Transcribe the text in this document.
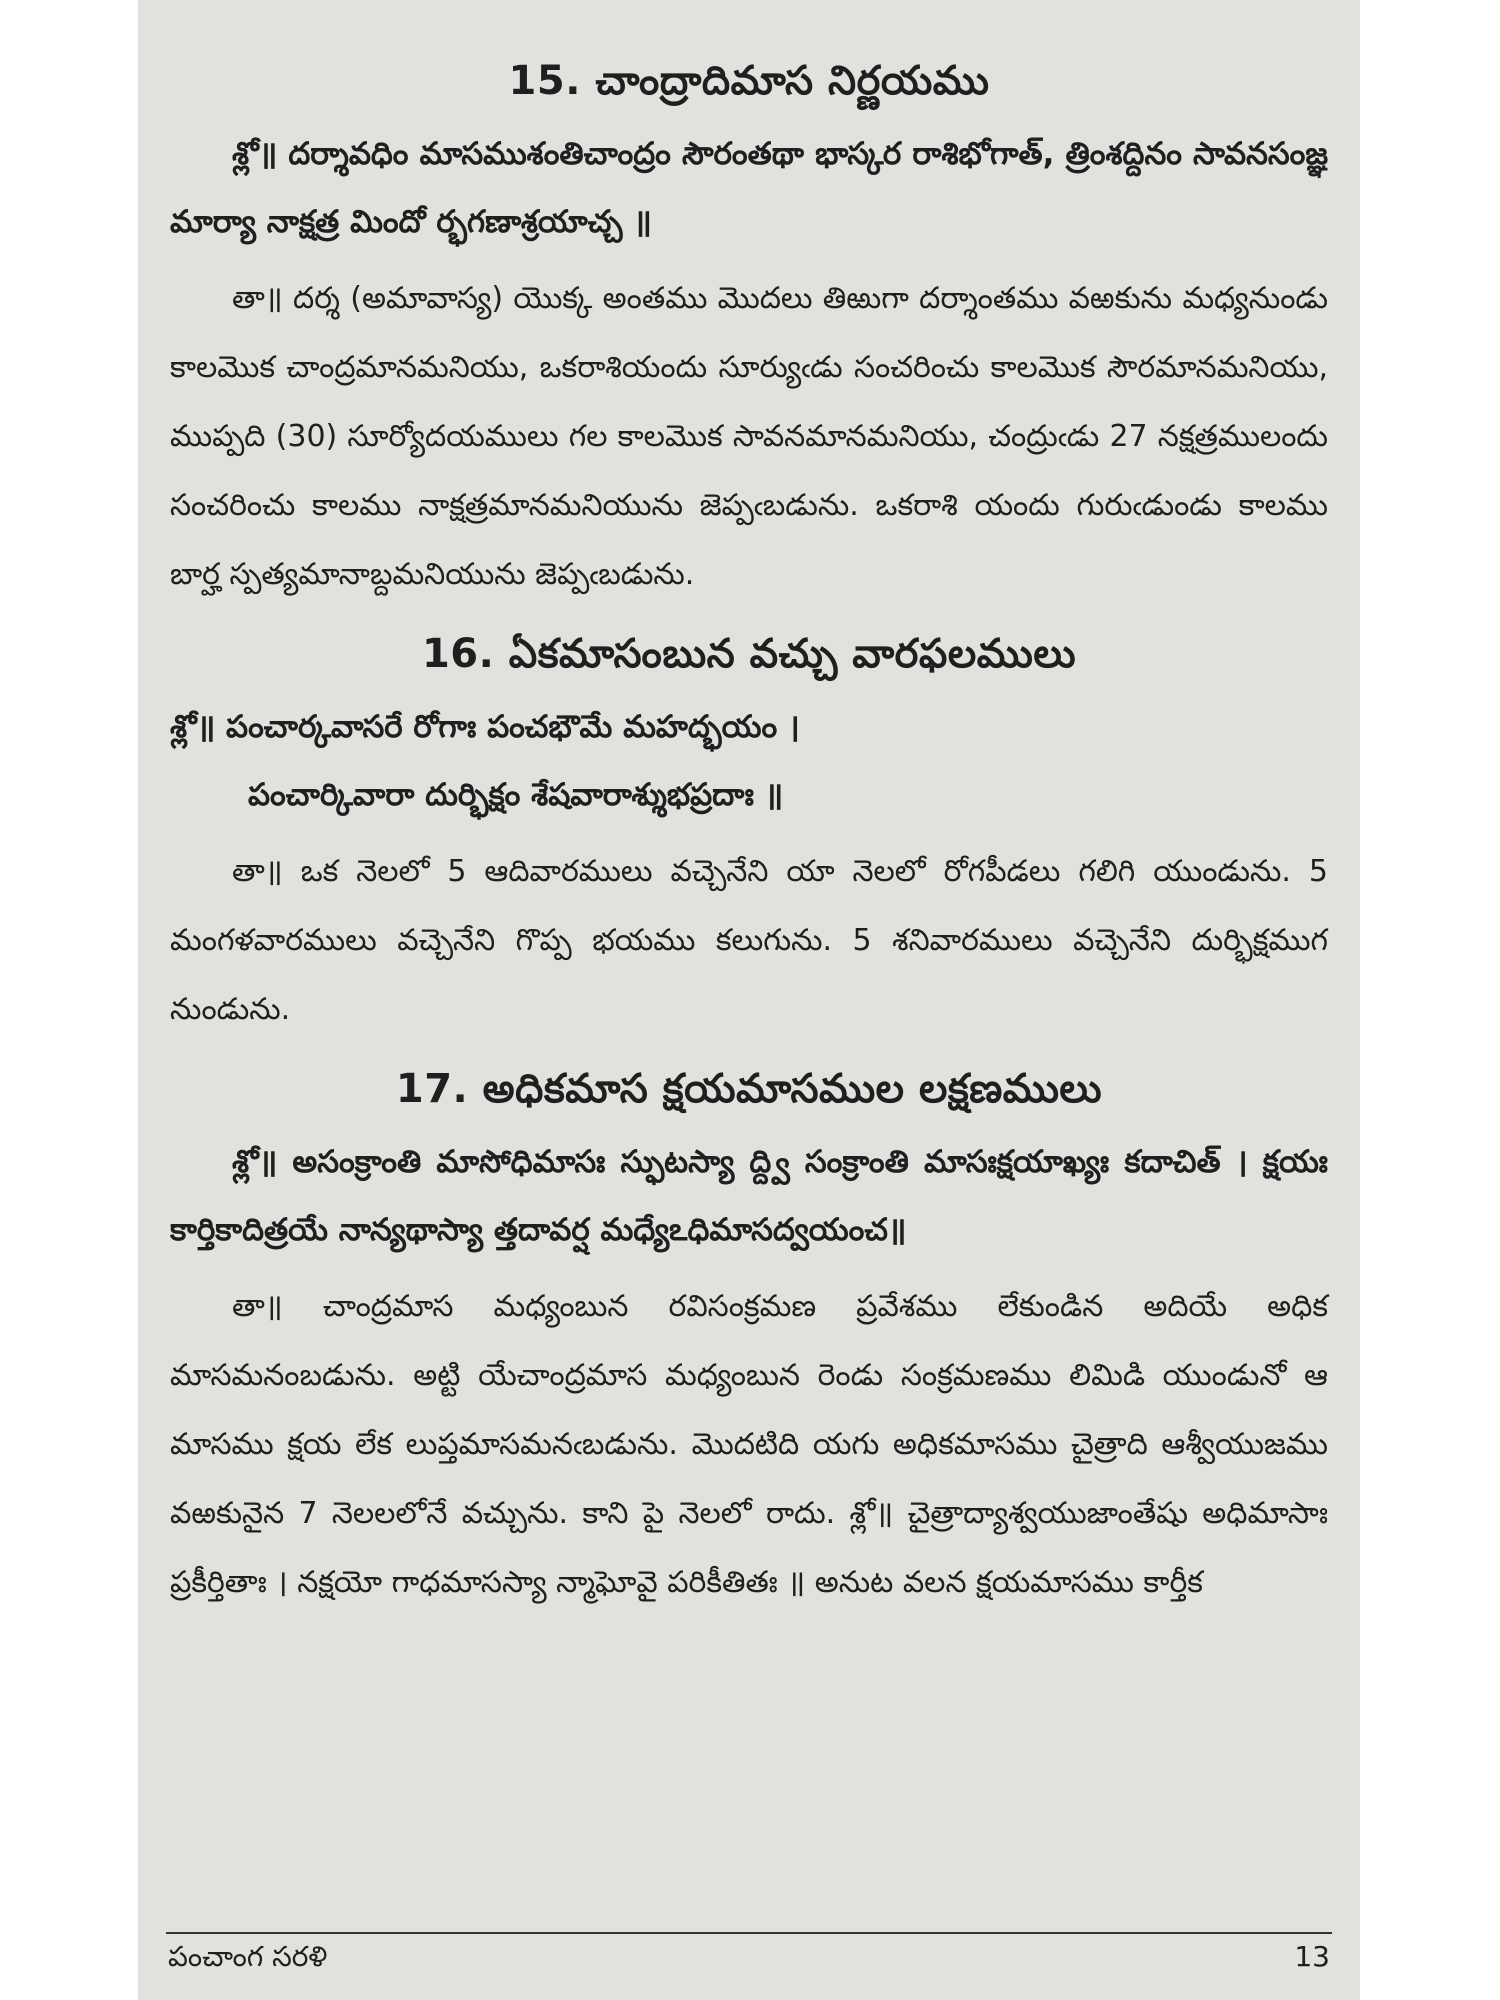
15. చాంద్రాదిమాస నిర్ణయము

శ్లో॥ దర్శావధిం మాసముశంతిచాంద్రం సౌరంతథా భాస్కర రాశిభోగాత్, త్రింశద్దినం సావనసంజ్ఞ మార్యా నాక్షత్ర మిందో ర్భగణాశ్రయాచ్చ ॥

తా॥ దర్శ (అమావాస్య) యొక్క అంతము మొదలు తిఱుగా దర్శాంతము వఱకును మధ్యనుండు కాలమొక చాంద్రమానమనియు, ఒకరాశియందు సూర్యుఁడు సంచరించు కాలమొక సౌరమానమనియు, ముప్పది (30) సూర్యోదయములు గల కాలమొక సావనమానమనియు, చంద్రుఁడు 27 నక్షత్రములందు సంచరించు కాలము నాక్షత్రమానమనియును జెప్పఁబడును. ఒకరాశి యందు గురుఁడుండు కాలము బార్హ స్పత్యమానాబ్దమనియును జెప్పఁబడును.

16. ఏకమాసంబున వచ్చు వారఫలములు

శ్లో॥ పంచార్కవాసరే రోగాః పంచభౌమే మహద్భయం ।

పంచార్కివారా దుర్భిక్షం శేషవారాశ్శుభప్రదాః ॥

తా॥ ఒక నెలలో 5 ఆదివారములు వచ్చెనేని యా నెలలో రోగపీడలు గలిగి యుండును. 5 మంగళవారములు వచ్చెనేని గొప్ప భయము కలుగును. 5 శనివారములు వచ్చెనేని దుర్భిక్షముగ నుండును.

17. అధికమాస క్షయమాసముల లక్షణములు

శ్లో॥ అసంక్రాంతి మాసోధిమాసః స్ఫుటస్యా ద్ద్వి సంక్రాంతి మాసఃక్షయాఖ్యః కదాచిత్ । క్షయః కార్తికాదిత్రయే నాన్యథాస్యా త్తదావర్ష మధ్యేఽధిమాసద్వయంచ॥

తా॥ చాంద్రమాస మధ్యంబున రవిసంక్రమణ ప్రవేశము లేకుండిన అదియే అధిక మాసమనంబడును. అట్టి యేచాంద్రమాస మధ్యంబున రెండు సంక్రమణము లిమిడి యుండునో ఆ మాసము క్షయ లేక లుప్తమాసమనఁబడును. మొదటిది యగు అధికమాసము చైత్రాది ఆశ్వీయుజము వఱకునైన 7 నెలలలోనే వచ్చును. కాని పై నెలలో రాదు. శ్లో॥ చైత్రాద్యాశ్వయుజాంతేషు అధిమాసాః ప్రకీర్తితాః । నక్షయో గాధమాసస్యా న్మాఘోవై పరికీతితః ॥ అనుట వలన క్షయమాసము కార్తీక

పంచాంగ సరళి	13
